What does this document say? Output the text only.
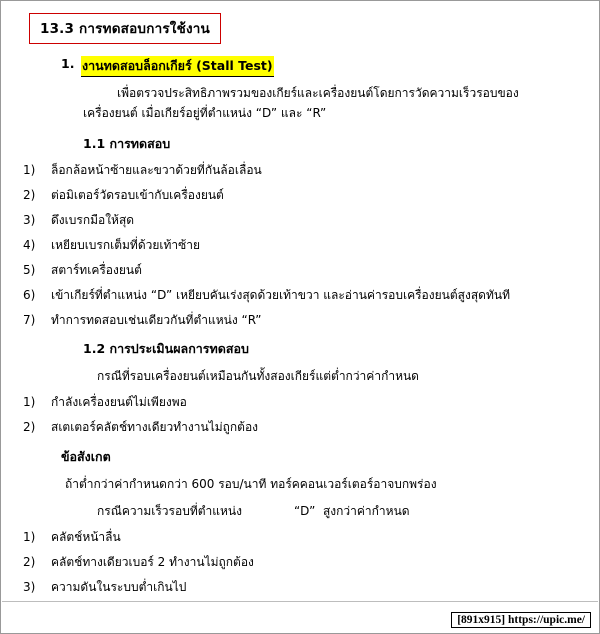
13.3 การทดสอบการใช้งาน
1. งานทดสอบล็อกเกียร์ (Stall Test)
เพื่อตรวจประสิทธิภาพรวมของเกียร์และเครื่องยนต์โดยการวัดความเร็วรอบของเครื่องยนต์ เมื่อเกียร์อยู่ที่ตำแหน่ง “D” และ “R”
1.1 การทดสอบ
1)	ล็อกล้อหน้าซ้ายและขวาด้วยที่กันล้อเลื่อน
2)	ต่อมิเตอร์วัดรอบเข้ากับเครื่องยนต์
3)	ดึงเบรกมือให้สุด
4)	เหยียบเบรกเต็มที่ด้วยเท้าซ้าย
5)	สตาร์ทเครื่องยนต์
6)	เข้าเกียร์ที่ตำแหน่ง “D” เหยียบคันเร่งสุดด้วยเท้าขวา และอ่านค่ารอบเครื่องยนต์สูงสุดทันที
7)	ทำการทดสอบเช่นเดียวกันที่ตำแหน่ง “R”
1.2 การประเมินผลการทดสอบ
กรณีที่รอบเครื่องยนต์เหมือนกันทั้งสองเกียร์แต่ต่ำกว่าค่ากำหนด
1)	กำลังเครื่องยนต์ไม่เพียงพอ
2)	สเตเตอร์คลัตช์ทางเดียวทำงานไม่ถูกต้อง
ข้อสังเกต
ถ้าต่ำกว่าค่ากำหนดกว่า 600 รอบ/นาที ทอร์คคอนเวอร์เตอร์อาจบกพร่อง
กรณีความเร็วรอบที่ตำแหน่ง	“D” สูงกว่าค่ากำหนด
1)	คลัตช์หน้าลื่น
2)	คลัตช์ทางเดียวเบอร์ 2 ทำงานไม่ถูกต้อง
3)	ความดันในระบบต่ำเกินไป
[891x915] https://upic.me/
